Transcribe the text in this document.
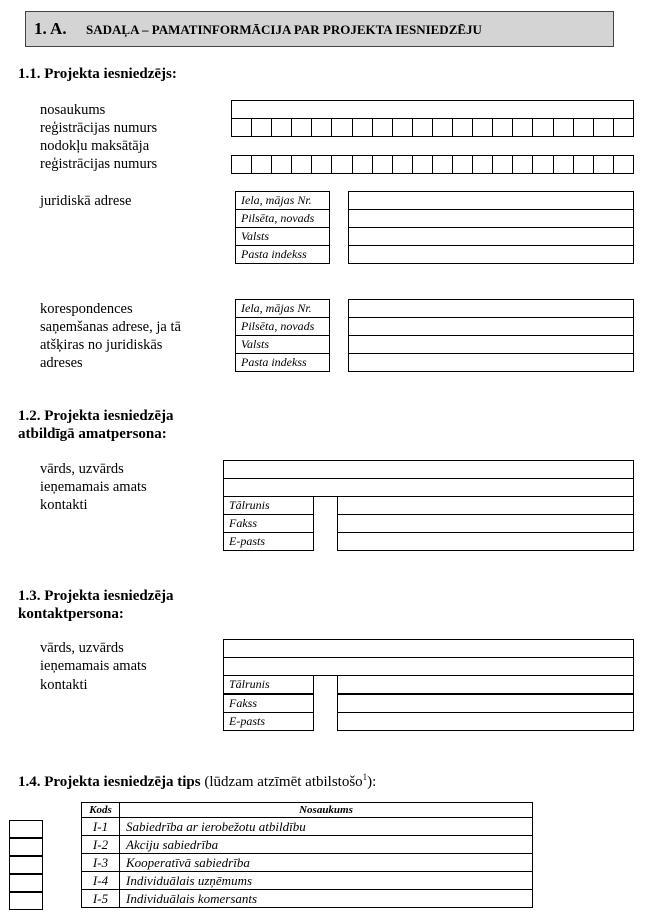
1. A. SADAĻA – PAMATINFORMĀCIJA PAR PROJEKTA IESNIEDZĒJU
1.1. Projekta iesniedzējs:
nosaukums
reģistrācijas numurs
nodokļu maksātāja
reģistrācijas numurs
juridiskā adrese	Iela, mājas Nr.
Pilsēta, novads
Valsts
Pasta indekss
korespondences
saņemšanas adrese, ja tā
atšķiras no juridiskās
adreses
Iela, mājas Nr.
Pilsēta, novads
Valsts
Pasta indekss
1.2. Projekta iesniedzēja
atbildīgā amatpersona:
vārds, uzvārds
ieņemamais amats
kontakti	Tālrunis
Fakss
E-pasts
1.3. Projekta iesniedzēja
kontaktpersona:
vārds, uzvārds
ieņemamais amats
kontakti	Tālrunis
Fakss
E-pasts
1.4. Projekta iesniedzēja tips (lūdzam atzīmēt atbilstošo$^1$):
Kods	Nosaukums
I-1	Sabiedrība ar ierobežotu atbildību
I-2	Akciju sabiedrība
I-3	Kooperatīvā sabiedrība
I-4	Individuālais uzņēmums
I-5	Individuālais komersants
